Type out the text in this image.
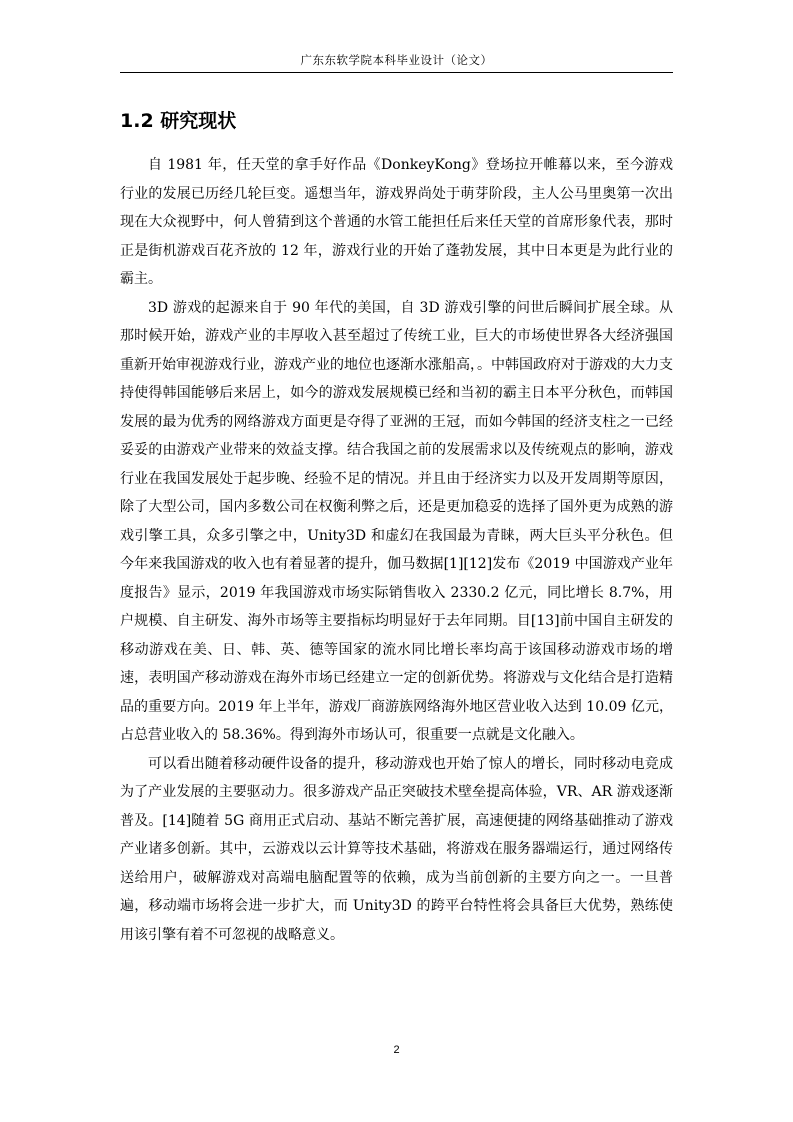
广东东软学院本科毕业设计（论文）
1.2 研究现状

自 1981 年，任天堂的拿手好作品《DonkeyKong》登场拉开帷幕以来，至今游戏行业的发展已历经几轮巨变。遥想当年，游戏界尚处于萌芽阶段，主人公马里奥第一次出现在大众视野中，何人曾猜到这个普通的水管工能担任后来任天堂的首席形象代表，那时正是街机游戏百花齐放的 12 年，游戏行业的开始了蓬勃发展，其中日本更是为此行业的霸主。

3D 游戏的起源来自于 90 年代的美国，自 3D 游戏引擎的问世后瞬间扩展全球。从那时候开始，游戏产业的丰厚收入甚至超过了传统工业，巨大的市场使世界各大经济强国重新开始审视游戏行业，游戏产业的地位也逐渐水涨船高，。中韩国政府对于游戏的大力支持使得韩国能够后来居上，如今的游戏发展规模已经和当初的霸主日本平分秋色，而韩国发展的最为优秀的网络游戏方面更是夺得了亚洲的王冠，而如今韩国的经济支柱之一已经妥妥的由游戏产业带来的效益支撑。结合我国之前的发展需求以及传统观点的影响，游戏行业在我国发展处于起步晚、经验不足的情况。并且由于经济实力以及开发周期等原因，除了大型公司，国内多数公司在权衡利弊之后，还是更加稳妥的选择了国外更为成熟的游戏引擎工具，众多引擎之中，Unity3D 和虚幻在我国最为青睐，两大巨头平分秋色。但今年来我国游戏的收入也有着显著的提升，伽马数据[1][12]发布《2019 中国游戏产业年度报告》显示，2019 年我国游戏市场实际销售收入 2330.2 亿元，同比增长 8.7%，用户规模、自主研发、海外市场等主要指标均明显好于去年同期。目[13]前中国自主研发的移动游戏在美、日、韩、英、德等国家的流水同比增长率均高于该国移动游戏市场的增速，表明国产移动游戏在海外市场已经建立一定的创新优势。将游戏与文化结合是打造精品的重要方向。2019 年上半年，游戏厂商游族网络海外地区营业收入达到 10.09 亿元，占总营业收入的 58.36%。得到海外市场认可，很重要一点就是文化融入。

可以看出随着移动硬件设备的提升，移动游戏也开始了惊人的增长，同时移动电竞成为了产业发展的主要驱动力。很多游戏产品正突破技术壁垒提高体验，VR、AR 游戏逐渐普及。[14]随着 5G 商用正式启动、基站不断完善扩展，高速便捷的网络基础推动了游戏产业诸多创新。其中，云游戏以云计算等技术基础，将游戏在服务器端运行，通过网络传送给用户，破解游戏对高端电脑配置等的依赖，成为当前创新的主要方向之一。一旦普遍，移动端市场将会进一步扩大，而 Unity3D 的跨平台特性将会具备巨大优势，熟练使用该引擎有着不可忽视的战略意义。

2
